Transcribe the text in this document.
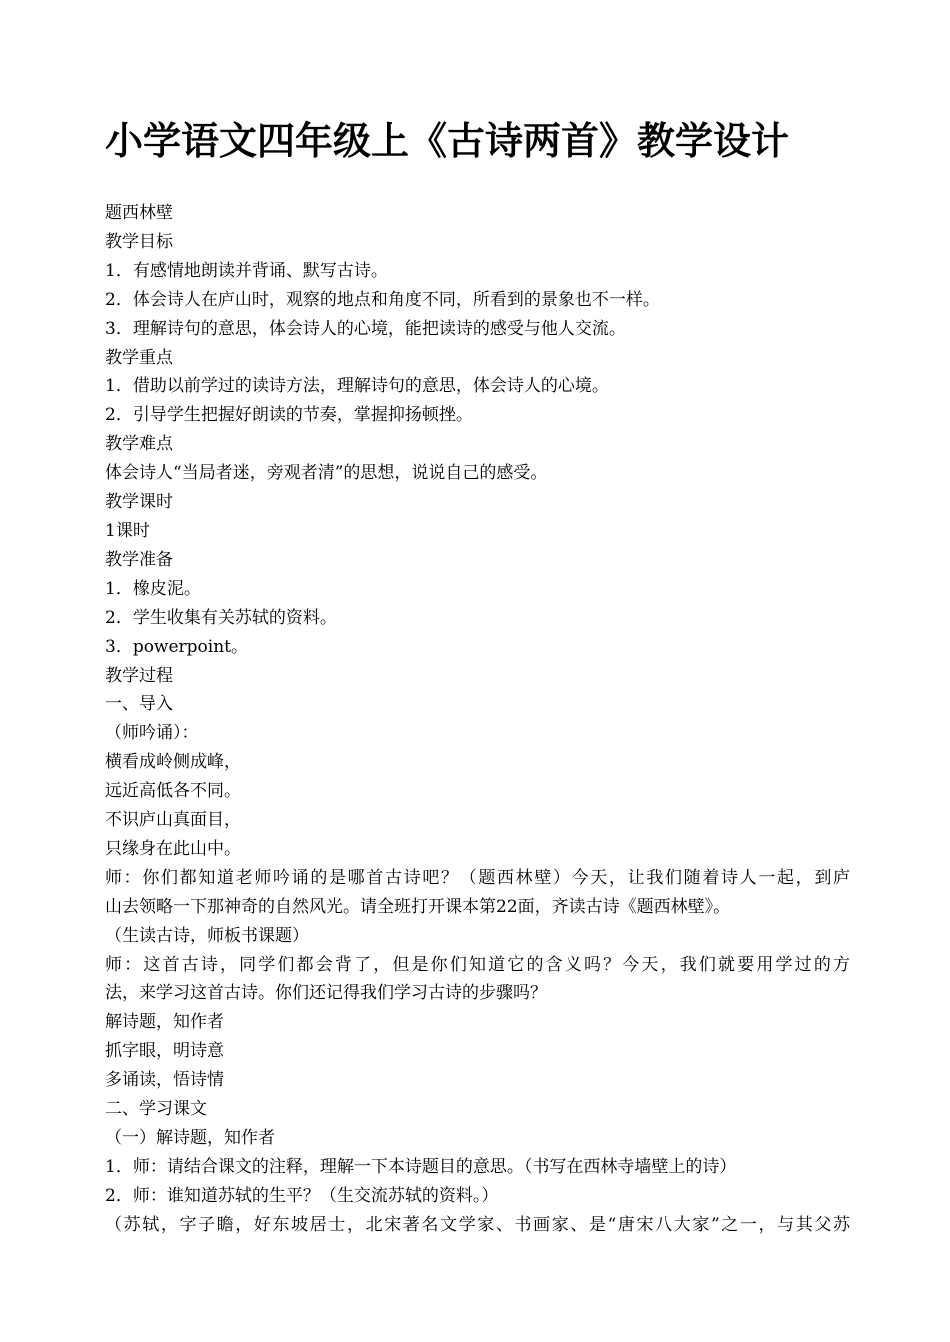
小学语文四年级上《古诗两首》教学设计

题西林壁

教学目标

1．有感情地朗读并背诵、默写古诗。

2．体会诗人在庐山时，观察的地点和角度不同，所看到的景象也不一样。

3．理解诗句的意思，体会诗人的心境，能把读诗的感受与他人交流。

教学重点

1．借助以前学过的读诗方法，理解诗句的意思，体会诗人的心境。

2．引导学生把握好朗读的节奏，掌握抑扬顿挫。

教学难点

体会诗人“当局者迷，旁观者清”的思想，说说自己的感受。

教学课时

1课时

教学准备

1．橡皮泥。

2．学生收集有关苏轼的资料。

3．powerpoint。

教学过程

一、导入

（师吟诵）：

横看成岭侧成峰，

远近高低各不同。

不识庐山真面目，

只缘身在此山中。

师：你们都知道老师吟诵的是哪首古诗吧？（题西林壁）今天，让我们随着诗人一起，到庐

山去领略一下那神奇的自然风光。请全班打开课本第22面，齐读古诗《题西林壁》。

（生读古诗，师板书课题）

师：这首古诗，同学们都会背了，但是你们知道它的含义吗？今天，我们就要用学过的方

法，来学习这首古诗。你们还记得我们学习古诗的步骤吗？

解诗题，知作者

抓字眼，明诗意

多诵读，悟诗情

二、学习课文

（一）解诗题，知作者

1．师：请结合课文的注释，理解一下本诗题目的意思。（书写在西林寺墙壁上的诗）

2．师：谁知道苏轼的生平？（生交流苏轼的资料。）

（苏轼，字子瞻，好东坡居士，北宋著名文学家、书画家、是“唐宋八大家”之一，与其父苏
